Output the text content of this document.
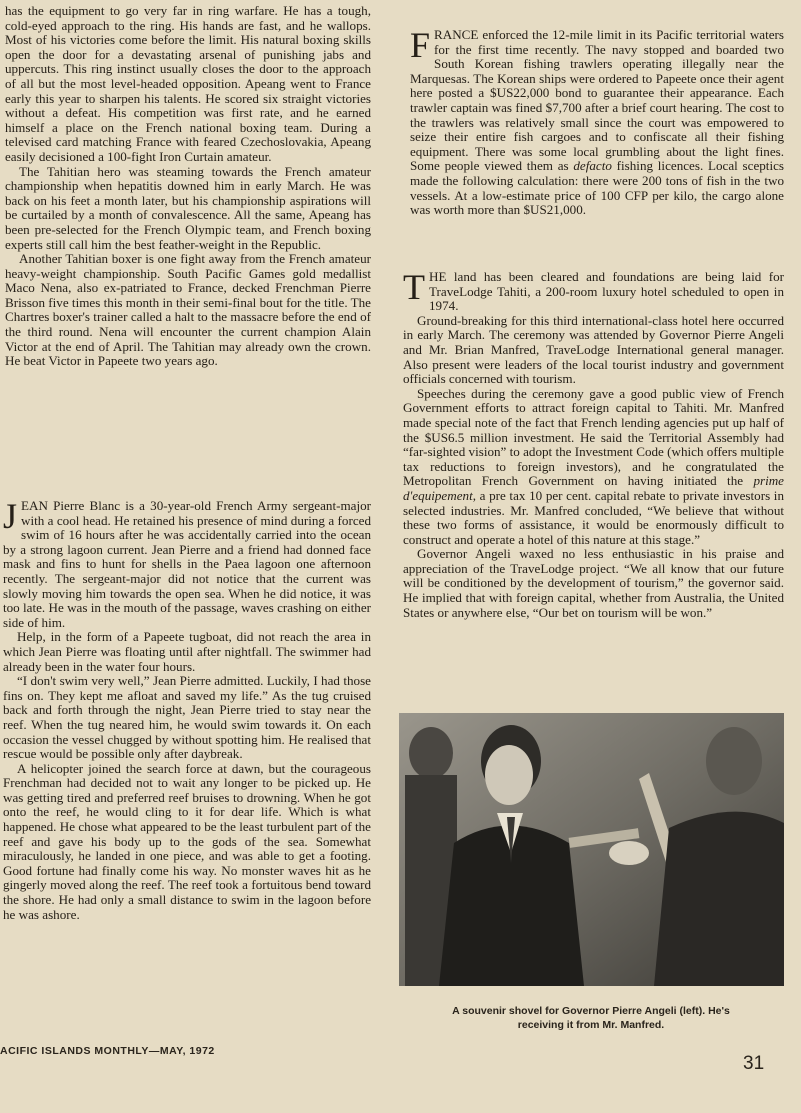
has the equipment to go very far in ring warfare. He has a tough, cold-eyed approach to the ring. His hands are fast, and he wallops. Most of his victories come before the limit. His natural boxing skills open the door for a devastating arsenal of punishing jabs and uppercuts. This ring instinct usually closes the door to the approach of all but the most level-headed opposition. Apeang went to France early this year to sharpen his talents. He scored six straight victories without a defeat. His competition was first rate, and he earned himself a place on the French national boxing team. During a televised card matching France with feared Czechoslovakia, Apeang easily decisioned a 100-fight Iron Curtain amateur.

The Tahitian hero was steaming towards the French amateur championship when hepatitis downed him in early March. He was back on his feet a month later, but his championship aspirations will be curtailed by a month of convalescence. All the same, Apeang has been pre-selected for the French Olympic team, and French boxing experts still call him the best feather-weight in the Republic.

Another Tahitian boxer is one fight away from the French amateur heavy-weight championship. South Pacific Games gold medallist Maco Nena, also ex-patriated to France, decked Frenchman Pierre Brisson five times this month in their semi-final bout for the title. The Chartres boxer's trainer called a halt to the massacre before the end of the third round. Nena will encounter the current champion Alain Victor at the end of April. The Tahitian may already own the crown. He beat Victor in Papeete two years ago.

JEAN Pierre Blanc is a 30-year-old French Army sergeant-major with a cool head. He retained his presence of mind during a forced swim of 16 hours after he was accidentally carried into the ocean by a strong lagoon current. Jean Pierre and a friend had donned face mask and fins to hunt for shells in the Paea lagoon one afternoon recently. The sergeant-major did not notice that the current was slowly moving him towards the open sea. When he did notice, it was too late. He was in the mouth of the passage, waves crashing on either side of him.

Help, in the form of a Papeete tugboat, did not reach the area in which Jean Pierre was floating until after nightfall. The swimmer had already been in the water four hours.

“I don't swim very well,” Jean Pierre admitted. Luckily, I had those fins on. They kept me afloat and saved my life.” As the tug cruised back and forth through the night, Jean Pierre tried to stay near the reef. When the tug neared him, he would swim towards it. On each occasion the vessel chugged by without spotting him. He realised that rescue would be possible only after daybreak.

A helicopter joined the search force at dawn, but the courageous Frenchman had decided not to wait any longer to be picked up. He was getting tired and preferred reef bruises to drowning. When he got onto the reef, he would cling to it for dear life. Which is what happened. He chose what appeared to be the least turbulent part of the reef and gave his body up to the gods of the sea. Somewhat miraculously, he landed in one piece, and was able to get a footing. Good fortune had finally come his way. No monster waves hit as he gingerly moved along the reef. The reef took a fortuitous bend toward the shore. He had only a small distance to swim in the lagoon before he was ashore.

FRANCE enforced the 12-mile limit in its Pacific territorial waters for the first time recently. The navy stopped and boarded two South Korean fishing trawlers operating illegally near the Marquesas. The Korean ships were ordered to Papeete once their agent here posted a $US22,000 bond to guarantee their appearance. Each trawler captain was fined $7,700 after a brief court hearing. The cost to the trawlers was relatively small since the court was empowered to seize their entire fish cargoes and to confiscate all their fishing equipment. There was some local grumbling about the light fines. Some people viewed them as defacto fishing licences. Local sceptics made the following calculation: there were 200 tons of fish in the two vessels. At a low-estimate price of 100 CFP per kilo, the cargo alone was worth more than $US21,000.

THE land has been cleared and foundations are being laid for TraveLodge Tahiti, a 200-room luxury hotel scheduled to open in 1974.

Ground-breaking for this third international-class hotel here occurred in early March. The ceremony was attended by Governor Pierre Angeli and Mr. Brian Manfred, TraveLodge International general manager. Also present were leaders of the local tourist industry and government officials concerned with tourism.

Speeches during the ceremony gave a good public view of French Government efforts to attract foreign capital to Tahiti. Mr. Manfred made special note of the fact that French lending agencies put up half of the $US6.5 million investment. He said the Territorial Assembly had “far-sighted vision” to adopt the Investment Code (which offers multiple tax reductions to foreign investors), and he congratulated the Metropolitan French Government on having initiated the prime d'equipement, a pre tax 10 per cent. capital rebate to private investors in selected industries. Mr. Manfred concluded, “We believe that without these two forms of assistance, it would be enormously difficult to construct and operate a hotel of this nature at this stage.”

Governor Angeli waxed no less enthusiastic in his praise and appreciation of the TraveLodge project. “We all know that our future will be conditioned by the development of tourism,” the governor said. He implied that with foreign capital, whether from Australia, the United States or anywhere else, “Our bet on tourism will be won.”

A souvenir shovel for Governor Pierre Angeli (left). He's
receiving it from Mr. Manfred.
ACIFIC ISLANDS MONTHLY—MAY, 1972
31
